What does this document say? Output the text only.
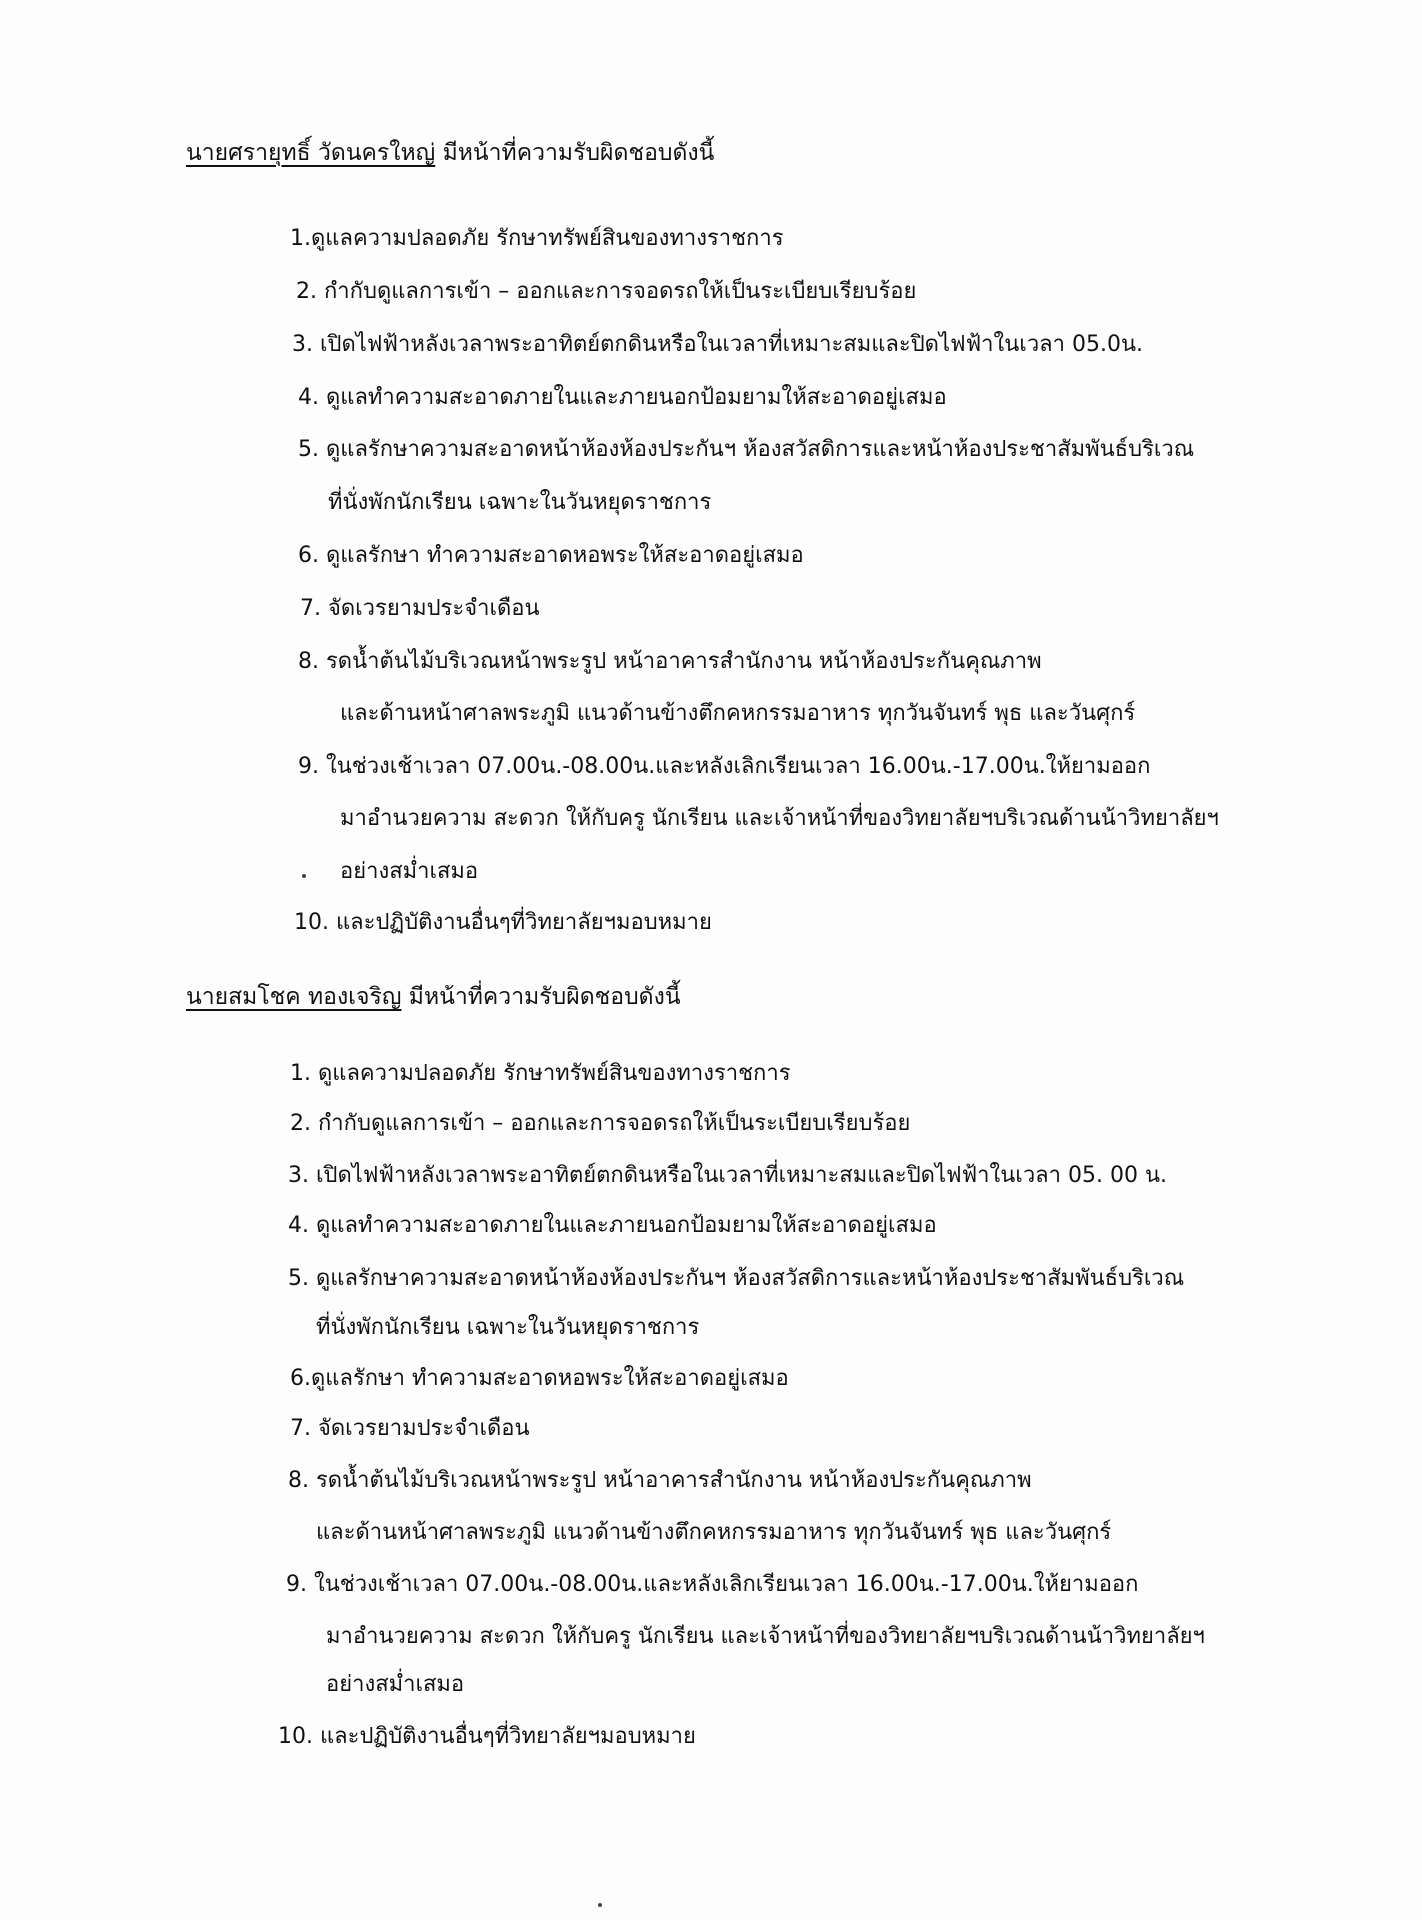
นายศรายุทธิ์ วัดนครใหญ่ มีหน้าที่ความรับผิดชอบดังนี้
1.ดูแลความปลอดภัย รักษาทรัพย์สินของทางราชการ
2. กำกับดูแลการเข้า – ออกและการจอดรถให้เป็นระเบียบเรียบร้อย
3. เปิดไฟฟ้าหลังเวลาพระอาทิตย์ตกดินหรือในเวลาที่เหมาะสมและปิดไฟฟ้าในเวลา 05.0น.
4. ดูแลทำความสะอาดภายในและภายนอกป้อมยามให้สะอาดอยู่เสมอ
5. ดูแลรักษาความสะอาดหน้าห้องห้องประกันฯ ห้องสวัสดิการและหน้าห้องประชาสัมพันธ์บริเวณ
ที่นั่งพักนักเรียน เฉพาะในวันหยุดราชการ
6. ดูแลรักษา ทำความสะอาดหอพระให้สะอาดอยู่เสมอ
7. จัดเวรยามประจำเดือน
8. รดน้ำต้นไม้บริเวณหน้าพระรูป หน้าอาคารสำนักงาน หน้าห้องประกันคุณภาพ
และด้านหน้าศาลพระภูมิ แนวด้านข้างตึกคหกรรมอาหาร ทุกวันจันทร์ พุธ และวันศุกร์
9. ในช่วงเช้าเวลา 07.00น.-08.00น.และหลังเลิกเรียนเวลา 16.00น.-17.00น.ให้ยามออก
มาอำนวยความ สะดวก ให้กับครู นักเรียน และเจ้าหน้าที่ของวิทยาลัยฯบริเวณด้านน้าวิทยาลัยฯ
อย่างสม่ำเสมอ
10. และปฏิบัติงานอื่นๆที่วิทยาลัยฯมอบหมาย
นายสมโชค ทองเจริญ มีหน้าที่ความรับผิดชอบดังนี้
1. ดูแลความปลอดภัย รักษาทรัพย์สินของทางราชการ
2. กำกับดูแลการเข้า – ออกและการจอดรถให้เป็นระเบียบเรียบร้อย
3. เปิดไฟฟ้าหลังเวลาพระอาทิตย์ตกดินหรือในเวลาที่เหมาะสมและปิดไฟฟ้าในเวลา 05. 00 น.
4. ดูแลทำความสะอาดภายในและภายนอกป้อมยามให้สะอาดอยู่เสมอ
5. ดูแลรักษาความสะอาดหน้าห้องห้องประกันฯ ห้องสวัสดิการและหน้าห้องประชาสัมพันธ์บริเวณ
ที่นั่งพักนักเรียน เฉพาะในวันหยุดราชการ
6.ดูแลรักษา ทำความสะอาดหอพระให้สะอาดอยู่เสมอ
7. จัดเวรยามประจำเดือน
8. รดน้ำต้นไม้บริเวณหน้าพระรูป หน้าอาคารสำนักงาน หน้าห้องประกันคุณภาพ
และด้านหน้าศาลพระภูมิ แนวด้านข้างตึกคหกรรมอาหาร ทุกวันจันทร์ พุธ และวันศุกร์
9. ในช่วงเช้าเวลา 07.00น.-08.00น.และหลังเลิกเรียนเวลา 16.00น.-17.00น.ให้ยามออก
มาอำนวยความ สะดวก ให้กับครู นักเรียน และเจ้าหน้าที่ของวิทยาลัยฯบริเวณด้านน้าวิทยาลัยฯ
อย่างสม่ำเสมอ
10. และปฏิบัติงานอื่นๆที่วิทยาลัยฯมอบหมาย
